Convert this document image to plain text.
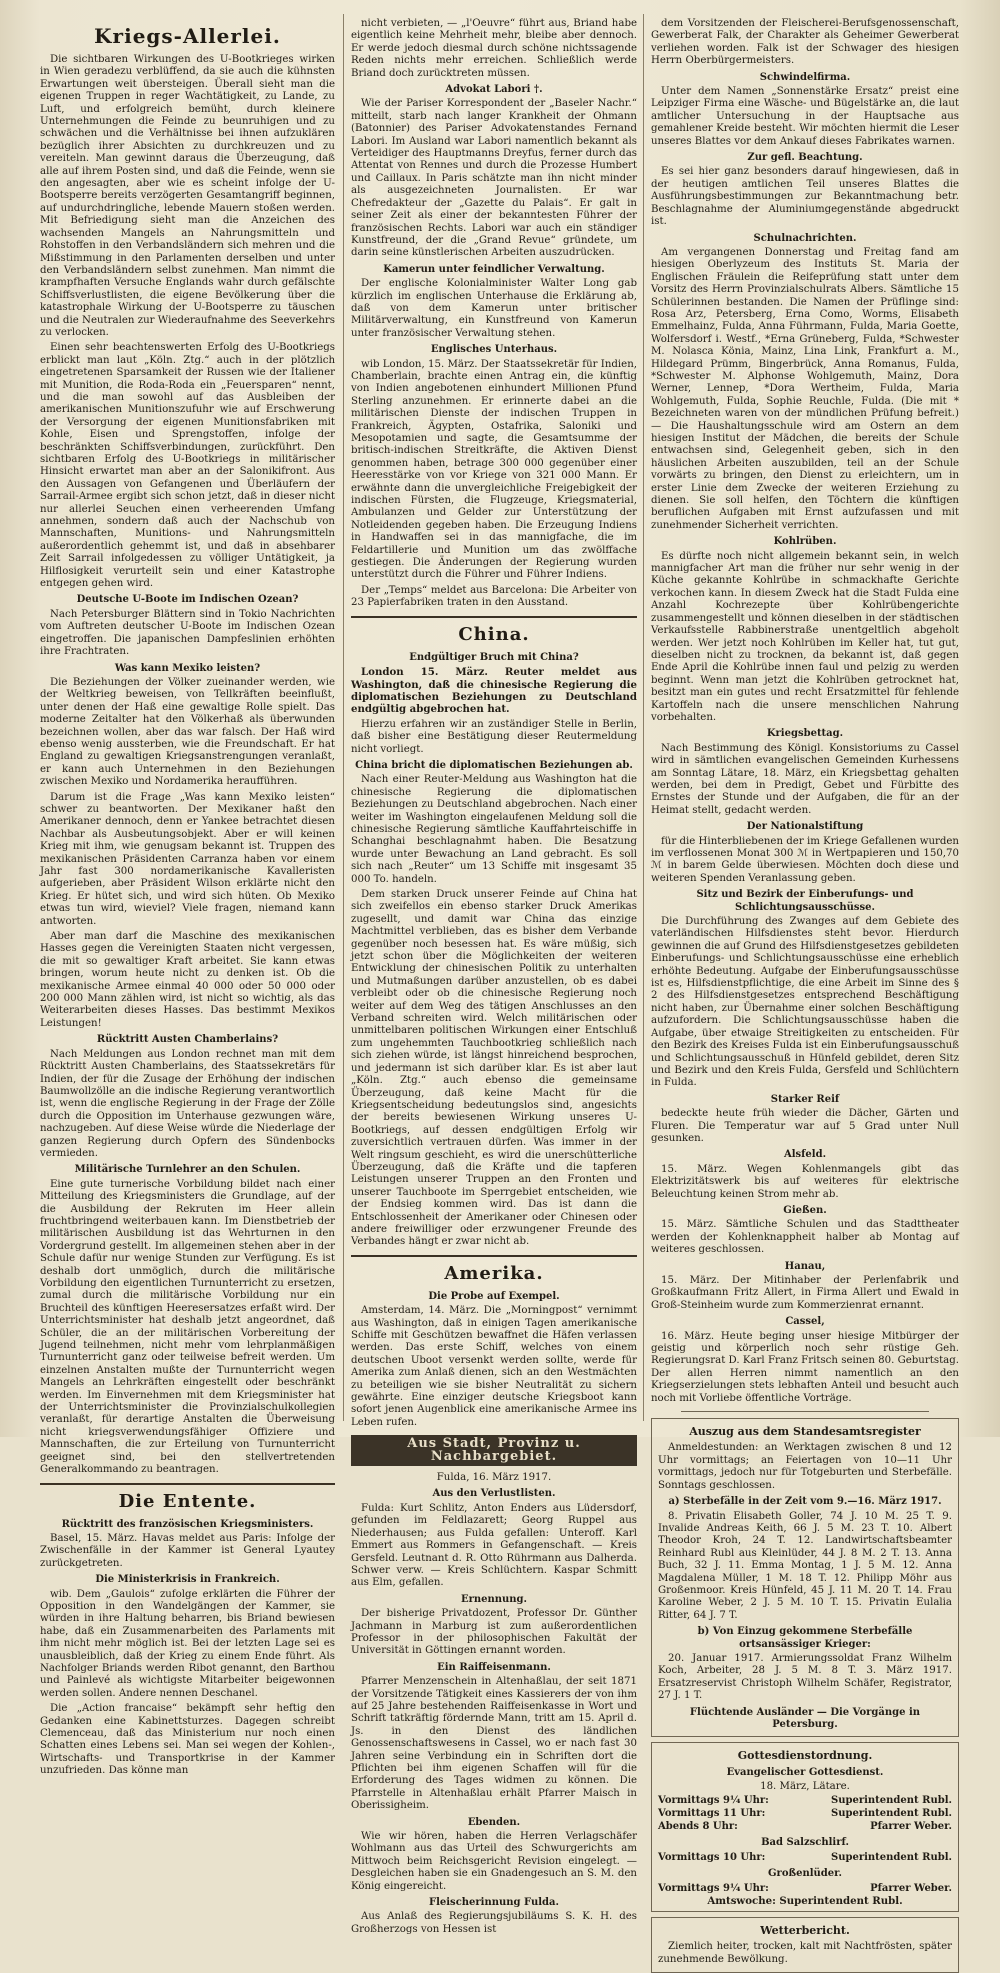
Kriegs-Allerlei.

Die sichtbaren Wirkungen des U-Bootkrieges wirken in Wien geradezu verblüffend, da sie auch die kühnsten Erwartungen weit übersteigen. Überall sieht man die eigenen Truppen in reger Wachtätigkeit, zu Lande, zu Luft, und erfolgreich bemüht, durch kleinere Unternehmungen die Feinde zu beunruhigen und zu schwächen und die Verhältnisse bei ihnen aufzuklären bezüglich ihrer Absichten zu durchkreuzen und zu vereiteln. Man gewinnt daraus die Überzeugung, daß alle auf ihrem Posten sind, und daß die Feinde, wenn sie den angesagten, aber wie es scheint infolge der U-Bootsperre bereits verzögerten Gesamtangriff beginnen, auf undurchdringliche, lebende Mauern stoßen werden. Mit Befriedigung sieht man die Anzeichen des wachsenden Mangels an Nahrungsmitteln und Rohstoffen in den Verbandsländern sich mehren und die Mißstimmung in den Parlamenten derselben und unter den Verbandsländern selbst zunehmen. Man nimmt die krampfhaften Versuche Englands wahr durch gefälschte Schiffsverlustlisten, die eigene Bevölkerung über die katastrophale Wirkung der U-Bootsperre zu täuschen und die Neutralen zur Wiederaufnahme des Seeverkehrs zu verlocken.

Einen sehr beachtenswerten Erfolg des U-Bootkriegs erblickt man laut „Köln. Ztg.“ auch in der plötzlich eingetretenen Sparsamkeit der Russen wie der Italiener mit Munition, die Roda-Roda ein „Feuersparen“ nennt, und die man sowohl auf das Ausbleiben der amerikanischen Munitionszufuhr wie auf Erschwerung der Versorgung der eigenen Munitionsfabriken mit Kohle, Eisen und Sprengstoffen, infolge der beschränkten Schiffsverbindungen, zurückführt. Den sichtbaren Erfolg des U-Bootkriegs in militärischer Hinsicht erwartet man aber an der Salonikifront. Aus den Aussagen von Gefangenen und Überläufern der Sarrail-Armee ergibt sich schon jetzt, daß in dieser nicht nur allerlei Seuchen einen verheerenden Umfang annehmen, sondern daß auch der Nachschub von Mannschaften, Munitions- und Nahrungsmitteln außerordentlich gehemmt ist, und daß in absehbarer Zeit Sarrail infolgedessen zu völliger Untätigkeit, ja Hilflosigkeit verurteilt sein und einer Katastrophe entgegen gehen wird.

Deutsche U-Boote im Indischen Ozean?

Nach Petersburger Blättern sind in Tokio Nachrichten vom Auftreten deutscher U-Boote im Indischen Ozean eingetroffen. Die japanischen Dampfeslinien erhöhten ihre Frachtraten.

Was kann Mexiko leisten?

Die Beziehungen der Völker zueinander werden, wie der Weltkrieg beweisen, von Tellkräften beeinflußt, unter denen der Haß eine gewaltige Rolle spielt. Das moderne Zeitalter hat den Völkerhaß als überwunden bezeichnen wollen, aber das war falsch. Der Haß wird ebenso wenig aussterben, wie die Freundschaft. Er hat England zu gewaltigen Kriegsanstrengungen veranlaßt, er kann auch Unternehmen in den Beziehungen zwischen Mexiko und Nordamerika heraufführen.

Darum ist die Frage „Was kann Mexiko leisten“ schwer zu beantworten. Der Mexikaner haßt den Amerikaner dennoch, denn er Yankee betrachtet diesen Nachbar als Ausbeutungsobjekt. Aber er will keinen Krieg mit ihm, wie genugsam bekannt ist. Truppen des mexikanischen Präsidenten Carranza haben vor einem Jahr fast 300 nordamerikanische Kavalleristen aufgerieben, aber Präsident Wilson erklärte nicht den Krieg. Er hütet sich, und wird sich hüten. Ob Mexiko etwas tun wird, wieviel? Viele fragen, niemand kann antworten.

Aber man darf die Maschine des mexikanischen Hasses gegen die Vereinigten Staaten nicht vergessen, die mit so gewaltiger Kraft arbeitet. Sie kann etwas bringen, worum heute nicht zu denken ist. Ob die mexikanische Armee einmal 40 000 oder 50 000 oder 200 000 Mann zählen wird, ist nicht so wichtig, als das Weiterarbeiten dieses Hasses. Das bestimmt Mexikos Leistungen!

Rücktritt Austen Chamberlains?

Nach Meldungen aus London rechnet man mit dem Rücktritt Austen Chamberlains, des Staatssekretärs für Indien, der für die Zusage der Erhöhung der indischen Baumwollzölle an die indische Regierung verantwortlich ist, wenn die englische Regierung in der Frage der Zölle durch die Opposition im Unterhause gezwungen wäre, nachzugeben. Auf diese Weise würde die Niederlage der ganzen Regierung durch Opfern des Sündenbocks vermieden.

Militärische Turnlehrer an den Schulen.

Eine gute turnerische Vorbildung bildet nach einer Mitteilung des Kriegsministers die Grundlage, auf der die Ausbildung der Rekruten im Heer allein fruchtbringend weiterbauen kann. Im Dienstbetrieb der militärischen Ausbildung ist das Wehrturnen in den Vordergrund gestellt. Im allgemeinen stehen aber in der Schule dafür nur wenige Stunden zur Verfügung. Es ist deshalb dort unmöglich, durch die militärische Vorbildung den eigentlichen Turnunterricht zu ersetzen, zumal durch die militärische Vorbildung nur ein Bruchteil des künftigen Heeresersatzes erfaßt wird. Der Unterrichtsminister hat deshalb jetzt angeordnet, daß Schüler, die an der militärischen Vorbereitung der Jugend teilnehmen, nicht mehr vom lehrplanmäßigen Turnunterricht ganz oder teilweise befreit werden. Um einzelnen Anstalten mußte der Turnunterricht wegen Mangels an Lehrkräften eingestellt oder beschränkt werden. Im Einvernehmen mit dem Kriegsminister hat der Unterrichtsminister die Provinzialschulkollegien veranlaßt, für derartige Anstalten die Überweisung nicht kriegsverwendungsfähiger Offiziere und Mannschaften, die zur Erteilung von Turnunterricht geeignet sind, bei den stellvertretenden Generalkommando zu beantragen.

Die Entente.
Rücktritt des französischen Kriegsministers.

Basel, 15. März. Havas meldet aus Paris: Infolge der Zwischenfälle in der Kammer ist General Lyautey zurückgetreten.

Die Ministerkrisis in Frankreich.

wib. Dem „Gaulois“ zufolge erklärten die Führer der Opposition in den Wandelgängen der Kammer, sie würden in ihre Haltung beharren, bis Briand bewiesen habe, daß ein Zusammenarbeiten des Parlaments mit ihm nicht mehr möglich ist. Bei der letzten Lage sei es unausbleiblich, daß der Krieg zu einem Ende führt. Als Nachfolger Briands werden Ribot genannt, den Barthou und Painlevé als wichtigste Mitarbeiter beigewonnen werden sollen. Andere nennen Deschanel.

Die „Action francaise“ bekämpft sehr heftig den Gedanken eine Kabinettsturzes. Dagegen schreibt Clemenceau, daß das Ministerium nur noch einen Schatten eines Lebens sei. Man sei wegen der Kohlen-, Wirtschafts- und Transportkrise in der Kammer unzufrieden. Das könne man

nicht verbieten, — „l'Oeuvre“ führt aus, Briand habe eigentlich keine Mehrheit mehr, bleibe aber dennoch. Er werde jedoch diesmal durch schöne nichtssagende Reden nichts mehr erreichen. Schließlich werde Briand doch zurücktreten müssen.

Advokat Labori †.

Wie der Pariser Korrespondent der „Baseler Nachr.“ mitteilt, starb nach langer Krankheit der Ohmann (Batonnier) des Pariser Advokatenstandes Fernand Labori. Im Ausland war Labori namentlich bekannt als Verteidiger des Hauptmanns Dreyfus, ferner durch das Attentat von Rennes und durch die Prozesse Humbert und Caillaux. In Paris schätzte man ihn nicht minder als ausgezeichneten Journalisten. Er war Chefredakteur der „Gazette du Palais“. Er galt in seiner Zeit als einer der bekanntesten Führer der französischen Rechts. Labori war auch ein ständiger Kunstfreund, der die „Grand Revue“ gründete, um darin seine künstlerischen Arbeiten auszudrücken.

Kamerun unter feindlicher Verwaltung.

Der englische Kolonialminister Walter Long gab kürzlich im englischen Unterhause die Erklärung ab, daß von dem Kamerun unter britischer Militärverwaltung, ein Kunstfreund von Kamerun unter französischer Verwaltung stehen.

Englisches Unterhaus.

wib London, 15. März. Der Staatssekretär für Indien, Chamberlain, brachte einen Antrag ein, die künftig von Indien angebotenen einhundert Millionen Pfund Sterling anzunehmen. Er erinnerte dabei an die militärischen Dienste der indischen Truppen in Frankreich, Ägypten, Ostafrika, Saloniki und Mesopotamien und sagte, die Gesamtsumme der britisch-indischen Streitkräfte, die Aktiven Dienst genommen haben, betrage 300 000 gegenüber einer Heeresstärke von vor Kriege von 321 000 Mann. Er erwähnte dann die unvergleichliche Freigebigkeit der indischen Fürsten, die Flugzeuge, Kriegsmaterial, Ambulanzen und Gelder zur Unterstützung der Notleidenden gegeben haben. Die Erzeugung Indiens in Handwaffen sei in das mannigfache, die im Feldartillerie und Munition um das zwölffache gestiegen. Die Änderungen der Regierung wurden unterstützt durch die Führer und Führer Indiens.

Der „Temps“ meldet aus Barcelona: Die Arbeiter von 23 Papierfabriken traten in den Ausstand.

China.
Endgültiger Bruch mit China?

London 15. März. Reuter meldet aus Washington, daß die chinesische Regierung die diplomatischen Beziehungen zu Deutschland endgültig abgebrochen hat.

Hierzu erfahren wir an zuständiger Stelle in Berlin, daß bisher eine Bestätigung dieser Reutermeldung nicht vorliegt.

China bricht die diplomatischen Beziehungen ab.

Nach einer Reuter-Meldung aus Washington hat die chinesische Regierung die diplomatischen Beziehungen zu Deutschland abgebrochen. Nach einer weiter im Washington eingelaufenen Meldung soll die chinesische Regierung sämtliche Kauffahrteischiffe in Schanghai beschlagnahmt haben. Die Besatzung wurde unter Bewachung an Land gebracht. Es soll sich nach „Reuter“ um 13 Schiffe mit insgesamt 35 000 To. handeln.

Dem starken Druck unserer Feinde auf China hat sich zweifellos ein ebenso starker Druck Amerikas zugesellt, und damit war China das einzige Machtmittel verblieben, das es bisher dem Verbande gegenüber noch besessen hat. Es wäre müßig, sich jetzt schon über die Möglichkeiten der weiteren Entwicklung der chinesischen Politik zu unterhalten und Mutmaßungen darüber anzustellen, ob es dabei verbleibt oder ob die chinesische Regierung noch weiter auf dem Weg des tätigen Anschlusses an den Verband schreiten wird. Welch militärischen oder unmittelbaren politischen Wirkungen einer Entschluß zum ungehemmten Tauchbootkrieg schließlich nach sich ziehen würde, ist längst hinreichend besprochen, und jedermann ist sich darüber klar. Es ist aber laut „Köln. Ztg.“ auch ebenso die gemeinsame Überzeugung, daß keine Macht für die Kriegsentscheidung bedeutungslos sind, angesichts der bereits bewiesenen Wirkung unseres U-Bootkriegs, auf dessen endgültigen Erfolg wir zuversichtlich vertrauen dürfen. Was immer in der Welt ringsum geschieht, es wird die unerschütterliche Überzeugung, daß die Kräfte und die tapferen Leistungen unserer Truppen an den Fronten und unserer Tauchboote im Sperrgebiet entscheiden, wie der Endsieg kommen wird. Das ist dann die Entschlossenheit der Amerikaner oder Chinesen oder andere freiwilliger oder erzwungener Freunde des Verbandes hängt er zwar nicht ab.

Amerika.
Die Probe auf Exempel.

Amsterdam, 14. März. Die „Morningpost“ vernimmt aus Washington, daß in einigen Tagen amerikanische Schiffe mit Geschützen bewaffnet die Häfen verlassen werden. Das erste Schiff, welches von einem deutschen Uboot versenkt werden sollte, werde für Amerika zum Anlaß dienen, sich an den Westmächten zu beteiligen wie sie bisher Neutralität zu sichern gewährte. Eine einziger deutsche Kriegsboot kann sofort jenen Augenblick eine amerikanische Armee ins Leben rufen.

Aus Stadt, Provinz u. Nachbargebiet.
Fulda, 16. März 1917.
Aus den Verlustlisten.

Fulda: Kurt Schlitz, Anton Enders aus Lüdersdorf, gefunden im Feldlazarett; Georg Ruppel aus Niederhausen; aus Fulda gefallen: Unteroff. Karl Emmert aus Rommers in Gefangenschaft. — Kreis Gersfeld. Leutnant d. R. Otto Rührmann aus Dalherda. Schwer verw. — Kreis Schlüchtern. Kaspar Schmitt aus Elm, gefallen.

Ernennung.

Der bisherige Privatdozent, Professor Dr. Günther Jachmann in Marburg ist zum außerordentlichen Professor in der philosophischen Fakultät der Universität in Göttingen ernannt worden.

Ein Raiffeisenmann.

Pfarrer Menzenschein in Altenhaßlau, der seit 1871 der Vorsitzende Tätigkeit eines Kassierers der von ihm auf 25 Jahre bestehenden Raiffeisenkasse in Wort und Schrift tatkräftig fördernde Mann, tritt am 15. April d. Js. in den Dienst des ländlichen Genossenschaftswesens in Cassel, wo er nach fast 30 Jahren seine Verbindung ein in Schriften dort die Pflichten bei ihm eigenen Schaffen will für die Erforderung des Tages widmen zu können. Die Pfarrstelle in Altenhaßlau erhält Pfarrer Maisch in Oberissigheim.

Ebenden.

Wie wir hören, haben die Herren Verlagschäfer Wohlmann aus das Urteil des Schwurgerichts am Mittwoch beim Reichsgericht Revision eingelegt. — Desgleichen haben sie ein Gnadengesuch an S. M. den König eingereicht.

Fleischerinnung Fulda.

Aus Anlaß des Regierungsjubiläums S. K. H. des Großherzogs von Hessen ist

dem Vorsitzenden der Fleischerei-Berufsgenossenschaft, Gewerberat Falk, der Charakter als Geheimer Gewerberat verliehen worden. Falk ist der Schwager des hiesigen Herrn Oberbürgermeisters.

Schwindelfirma.

Unter dem Namen „Sonnenstärke Ersatz“ preist eine Leipziger Firma eine Wäsche- und Bügelstärke an, die laut amtlicher Untersuchung in der Hauptsache aus gemahlener Kreide besteht. Wir möchten hiermit die Leser unseres Blattes vor dem Ankauf dieses Fabrikates warnen.

Zur gefl. Beachtung.

Es sei hier ganz besonders darauf hingewiesen, daß in der heutigen amtlichen Teil unseres Blattes die Ausführungsbestimmungen zur Bekanntmachung betr. Beschlagnahme der Aluminiumgegenstände abgedruckt ist.

Schulnachrichten.

Am vergangenen Donnerstag und Freitag fand am hiesigen Oberlyzeum des Instituts St. Maria der Englischen Fräulein die Reifeprüfung statt unter dem Vorsitz des Herrn Provinzialschulrats Albers. Sämtliche 15 Schülerinnen bestanden. Die Namen der Prüflinge sind: Rosa Arz, Petersberg, Erna Como, Worms, Elisabeth Emmelhainz, Fulda, Anna Führmann, Fulda, Maria Goette, Wolfersdorf i. Westf., *Erna Grüneberg, Fulda, *Schwester M. Nolasca Könia, Mainz, Lina Link, Frankfurt a. M., Hildegard Prümm, Bingerbrück, Anna Romanus, Fulda, *Schwester M. Alphonse Wohlgemuth, Mainz, Dora Werner, Lennep, *Dora Wertheim, Fulda, Maria Wohlgemuth, Fulda, Sophie Reuchle, Fulda. (Die mit * Bezeichneten waren von der mündlichen Prüfung befreit.) — Die Haushaltungsschule wird am Ostern an dem hiesigen Institut der Mädchen, die bereits der Schule entwachsen sind, Gelegenheit geben, sich in den häuslichen Arbeiten auszubilden, teil an der Schule vorwärts zu bringen, den Dienst zu erleichtern, um in erster Linie dem Zwecke der weiteren Erziehung zu dienen. Sie soll helfen, den Töchtern die künftigen beruflichen Aufgaben mit Ernst aufzufassen und mit zunehmender Sicherheit verrichten.

Kohlrüben.

Es dürfte noch nicht allgemein bekannt sein, in welch mannigfacher Art man die früher nur sehr wenig in der Küche gekannte Kohlrübe in schmackhafte Gerichte verkochen kann. In diesem Zweck hat die Stadt Fulda eine Anzahl Kochrezepte über Kohlrübengerichte zusammengestellt und können dieselben in der städtischen Verkaufsstelle Rabbinerstraße unentgeltlich abgeholt werden. Wer jetzt noch Kohlrüben im Keller hat, tut gut, dieselben nicht zu trocknen, da bekannt ist, daß gegen Ende April die Kohlrübe innen faul und pelzig zu werden beginnt. Wenn man jetzt die Kohlrüben getrocknet hat, besitzt man ein gutes und recht Ersatzmittel für fehlende Kartoffeln nach die unsere menschlichen Nahrung vorbehalten.

Kriegsbettag.

Nach Bestimmung des Königl. Konsistoriums zu Cassel wird in sämtlichen evangelischen Gemeinden Kurhessens am Sonntag Lätare, 18. März, ein Kriegsbettag gehalten werden, bei dem in Predigt, Gebet und Fürbitte des Ernstes der Stunde und der Aufgaben, die für an der Heimat stellt, gedacht werden.

Der Nationalstiftung

für die Hinterbliebenen der im Kriege Gefallenen wurden im verflossenen Monat 300 ℳ in Wertpapieren und 150,70 ℳ in barem Gelde überwiesen. Möchten doch diese und weiteren Spenden Veranlassung geben.

Sitz und Bezirk der Einberufungs- und Schlichtungsausschüsse.

Die Durchführung des Zwanges auf dem Gebiete des vaterländischen Hilfsdienstes steht bevor. Hierdurch gewinnen die auf Grund des Hilfsdienstgesetzes gebildeten Einberufungs- und Schlichtungsausschüsse eine erheblich erhöhte Bedeutung. Aufgabe der Einberufungsausschüsse ist es, Hilfsdienstpflichtige, die eine Arbeit im Sinne des § 2 des Hilfsdienstgesetzes entsprechend Beschäftigung nicht haben, zur Übernahme einer solchen Beschäftigung aufzufordern. Die Schlichtungsausschüsse haben die Aufgabe, über etwaige Streitigkeiten zu entscheiden. Für den Bezirk des Kreises Fulda ist ein Einberufungsausschuß und Schlichtungsausschuß in Hünfeld gebildet, deren Sitz und Bezirk und den Kreis Fulda, Gersfeld und Schlüchtern in Fulda.

Starker Reif

bedeckte heute früh wieder die Dächer, Gärten und Fluren. Die Temperatur war auf 5 Grad unter Null gesunken.

Alsfeld.

15. März. Wegen Kohlenmangels gibt das Elektrizitätswerk bis auf weiteres für elektrische Beleuchtung keinen Strom mehr ab.

Gießen.

15. März. Sämtliche Schulen und das Stadttheater werden der Kohlenknappheit halber ab Montag auf weiteres geschlossen.

Hanau,

15. März. Der Mitinhaber der Perlenfabrik und Großkaufmann Fritz Allert, in Firma Allert und Ewald in Groß-Steinheim wurde zum Kommerzienrat ernannt.

Cassel,

16. März. Heute beging unser hiesige Mitbürger der geistig und körperlich noch sehr rüstige Geh. Regierungsrat D. Karl Franz Fritsch seinen 80. Geburtstag. Der allen Herren nimmt namentlich an den Kriegserzielungen stets lebhaften Anteil und besucht auch noch mit Vorliebe öffentliche Vorträge.

Auszug aus dem Standesamtsregister

Anmeldestunden: an Werktagen zwischen 8 und 12 Uhr vormittags; an Feiertagen von 10—11 Uhr vormittags, jedoch nur für Totgeburten und Sterbefälle. Sonntags geschlossen.

a) Sterbefälle in der Zeit vom 9.—16. März 1917.

8. Privatin Elisabeth Goller, 74 J. 10 M. 25 T. 9. Invalide Andreas Keith, 66 J. 5 M. 23 T. 10. Albert Theodor Kroh, 24 T. 12. Landwirtschaftsbeamter Reinhard Rubl aus Kleinlüder, 44 J. 8 M. 2 T. 13. Anna Buch, 32 J. 11. Emma Montag, 1 J. 5 M. 12. Anna Magdalena Müller, 1 M. 18 T. 12. Philipp Möhr aus Großenmoor. Kreis Hünfeld, 45 J. 11 M. 20 T. 14. Frau Karoline Weber, 2 J. 5 M. 10 T. 15. Privatin Eulalia Ritter, 64 J. 7 T.

b) Von Einzug gekommene Sterbefälle ortsansässiger Krieger:

20. Januar 1917. Armierungssoldat Franz Wilhelm Koch, Arbeiter, 28 J. 5 M. 8 T. 3. März 1917. Ersatzreservist Christoph Wilhelm Schäfer, Registrator, 27 J. 1 T.

Flüchtende Ausländer — Die Vorgänge in Petersburg.
Gottesdienstordnung.
Evangelischer Gottesdienst.
18. März, Lätare.
Vormittags 9¼ Uhr:	Superintendent Rubl.
Vormittags 11 Uhr:	Superintendent Rubl.
Abends 8 Uhr:	Pfarrer Weber.
Bad Salzschlirf.
Vormittags 10 Uhr:	Superintendent Rubl.
Großenlüder.
Vormittags 9¼ Uhr:	Pfarrer Weber.
Amtswoche: Superintendent Rubl.
Wetterbericht.

Ziemlich heiter, trocken, kalt mit Nachtfrösten, später zunehmende Bewölkung.
